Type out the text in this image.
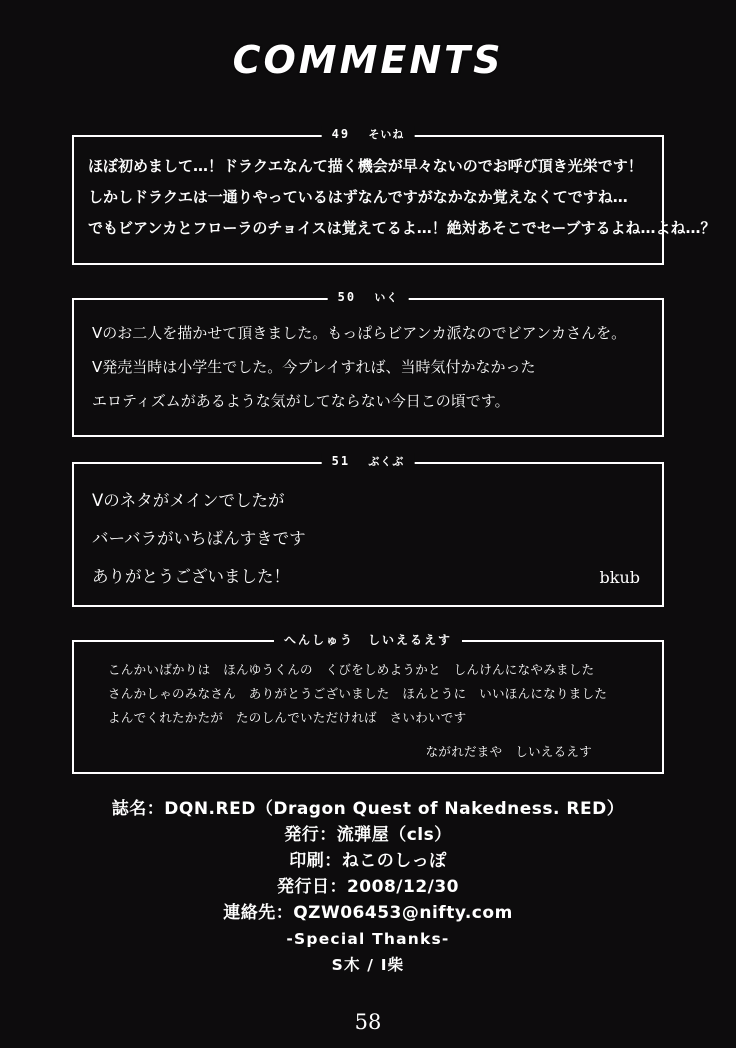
COMMENTS
49 そいね
ほぼ初めまして…！ドラクエなんて描く機会が早々ないのでお呼び頂き光栄です！
しかしドラクエは一通りやっているはずなんですがなかなか覚えなくてですね…
でもビアンカとフローラのチョイスは覚えてるよ…！絶対あそこでセーブするよね…よね…？
50 いく
Ⅴのお二人を描かせて頂きました。もっぱらビアンカ派なのでビアンカさんを。
Ⅴ発売当時は小学生でした。今プレイすれば、当時気付かなかった
エロティズムがあるような気がしてならない今日この頃です。
51 ぶくぶ
Ⅴのネタがメインでしたが
バーバラがいちばんすきです
ありがとうございました！	bkub
へんしゅう　しいえるえす
こんかいばかりは　ほんゆうくんの　くびをしめようかと　しんけんになやみました
さんかしゃのみなさん　ありがとうございました　ほんとうに　いいほんになりました
よんでくれたかたが　たのしんでいただければ　さいわいです
ながれだまや　しいえるえす
誌名：DQN.RED（Dragon Quest of Nakedness. RED）
発行：流弾屋（cls）
印刷：ねこのしっぽ
発行日：2008/12/30
連絡先：QZW06453@nifty.com
-Special Thanks-
S木 / I柴
58
